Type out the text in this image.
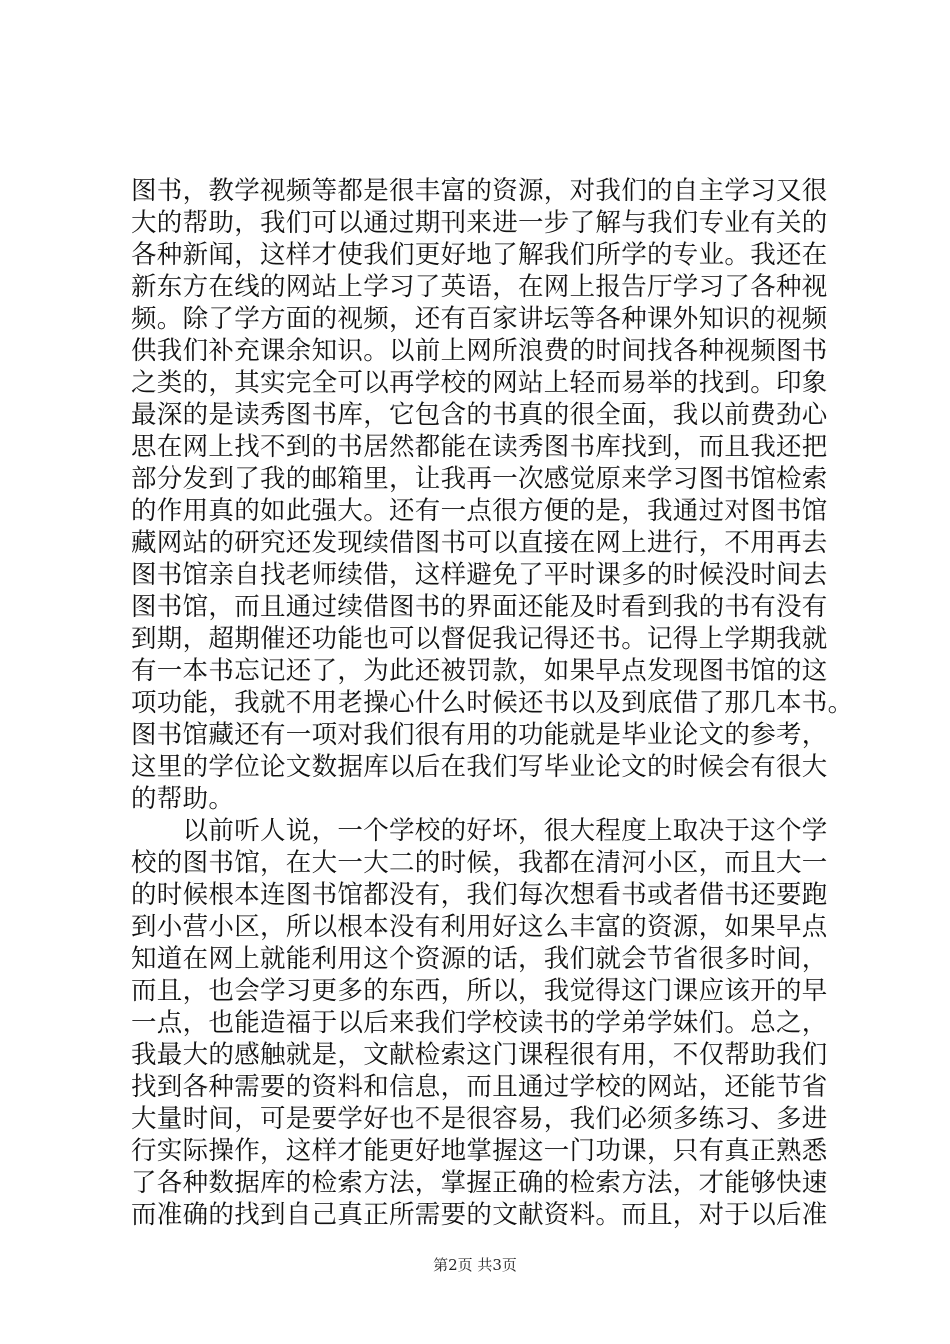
图书，教学视频等都是很丰富的资源，对我们的自主学习又很
大的帮助，我们可以通过期刊来进一步了解与我们专业有关的
各种新闻，这样才使我们更好地了解我们所学的专业。我还在
新东方在线的网站上学习了英语，在网上报告厅学习了各种视
频。除了学方面的视频，还有百家讲坛等各种课外知识的视频
供我们补充课余知识。以前上网所浪费的时间找各种视频图书
之类的，其实完全可以再学校的网站上轻而易举的找到。印象
最深的是读秀图书库，它包含的书真的很全面，我以前费劲心
思在网上找不到的书居然都能在读秀图书库找到，而且我还把
部分发到了我的邮箱里，让我再一次感觉原来学习图书馆检索
的作用真的如此强大。还有一点很方便的是，我通过对图书馆
藏网站的研究还发现续借图书可以直接在网上进行，不用再去
图书馆亲自找老师续借，这样避免了平时课多的时候没时间去
图书馆，而且通过续借图书的界面还能及时看到我的书有没有
到期，超期催还功能也可以督促我记得还书。记得上学期我就
有一本书忘记还了，为此还被罚款，如果早点发现图书馆的这
项功能，我就不用老操心什么时候还书以及到底借了那几本书。
图书馆藏还有一项对我们很有用的功能就是毕业论文的参考，
这里的学位论文数据库以后在我们写毕业论文的时候会有很大
的帮助。
　　以前听人说，一个学校的好坏，很大程度上取决于这个学
校的图书馆，在大一大二的时候，我都在清河小区，而且大一
的时候根本连图书馆都没有，我们每次想看书或者借书还要跑
到小营小区，所以根本没有利用好这么丰富的资源，如果早点
知道在网上就能利用这个资源的话，我们就会节省很多时间，
而且，也会学习更多的东西，所以，我觉得这门课应该开的早
一点，也能造福于以后来我们学校读书的学弟学妹们。总之，
我最大的感触就是，文献检索这门课程很有用，不仅帮助我们
找到各种需要的资料和信息，而且通过学校的网站，还能节省
大量时间，可是要学好也不是很容易，我们必须多练习、多进
行实际操作，这样才能更好地掌握这一门功课，只有真正熟悉
了各种数据库的检索方法，掌握正确的检索方法，才能够快速
而准确的找到自己真正所需要的文献资料。而且，对于以后准
第2页 共3页
